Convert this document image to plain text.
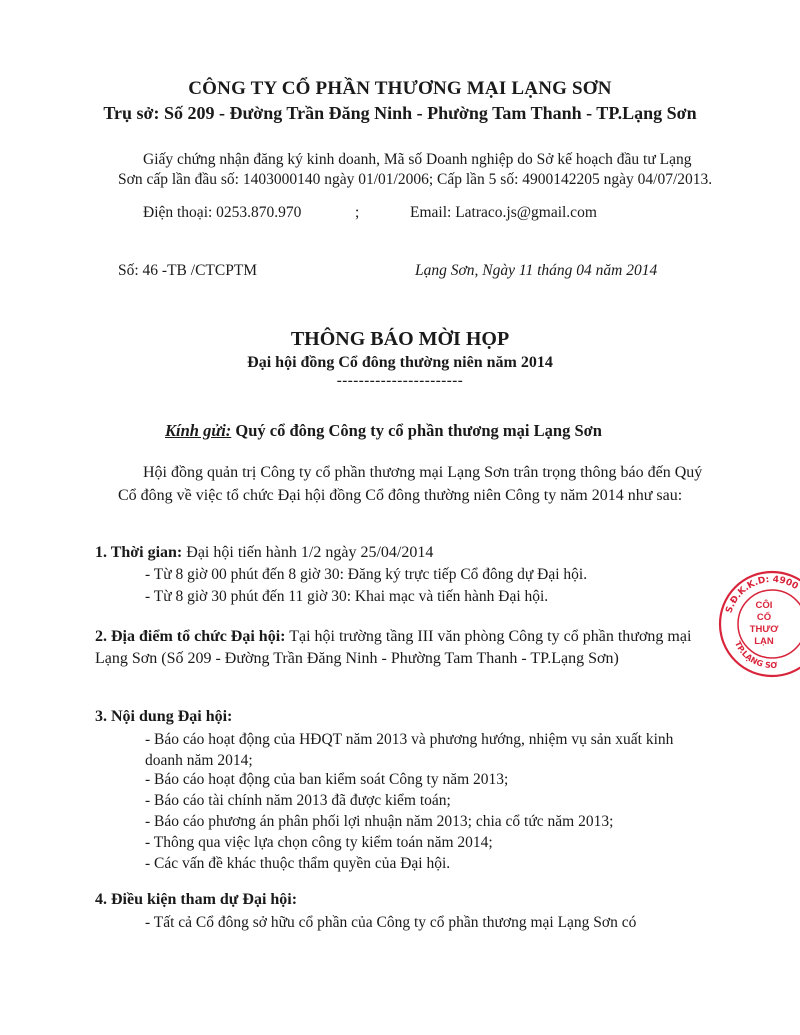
CÔNG TY CỔ PHẦN THƯƠNG MẠI LẠNG SƠN
Trụ sở: Số 209 - Đường Trần Đăng Ninh - Phường Tam Thanh - TP.Lạng Sơn
Giấy chứng nhận đăng ký kinh doanh, Mã số Doanh nghiệp do Sở kế hoạch đầu tư Lạng Sơn cấp lần đầu số: 1403000140 ngày 01/01/2006; Cấp lần 5 số: 4900142205 ngày 04/07/2013.
Điện thoại: 0253.870.970	;	Email: Latraco.js@gmail.com
Số: 46 -TB /CTCPTM	Lạng Sơn, Ngày 11 tháng 04 năm 2014
THÔNG BÁO MỜI HỌP
Đại hội đồng Cổ đông thường niên năm 2014
-----------------------
Kính gửi: Quý cổ đông Công ty cổ phần thương mại Lạng Sơn
Hội đồng quản trị Công ty cổ phần thương mại Lạng Sơn trân trọng thông báo đến Quý Cổ đông về việc tổ chức Đại hội đồng Cổ đông thường niên Công ty năm 2014 như sau:
1. Thời gian: Đại hội tiến hành 1/2 ngày 25/04/2014
- Từ 8 giờ 00 phút đến 8 giờ 30: Đăng ký trực tiếp Cổ đông dự Đại hội.
- Từ 8 giờ 30 phút đến 11 giờ 30: Khai mạc và tiến hành Đại hội.
2. Địa điểm tổ chức Đại hội: Tại hội trường tầng III văn phòng Công ty cổ phần thương mại Lạng Sơn (Số 209 - Đường Trần Đăng Ninh - Phường Tam Thanh - TP.Lạng Sơn)
3. Nội dung Đại hội:
- Báo cáo hoạt động của HĐQT năm 2013 và phương hướng, nhiệm vụ sản xuất kinh doanh năm 2014;
- Báo cáo hoạt động của ban kiểm soát Công ty năm 2013;
- Báo cáo tài chính năm 2013 đã được kiểm toán;
- Báo cáo phương án phân phối lợi nhuận năm 2013; chia cổ tức năm 2013;
- Thông qua việc lựa chọn công ty kiểm toán năm 2014;
- Các vấn đề khác thuộc thẩm quyền của Đại hội.
4. Điều kiện tham dự Đại hội:
- Tất cả Cổ đông sở hữu cổ phần của Công ty cổ phần thương mại Lạng Sơn có
S.Đ.K.K.D: 4900
TP.LẠNG SƠ
CÔI
CỔ
THƯƠ
LẠN
